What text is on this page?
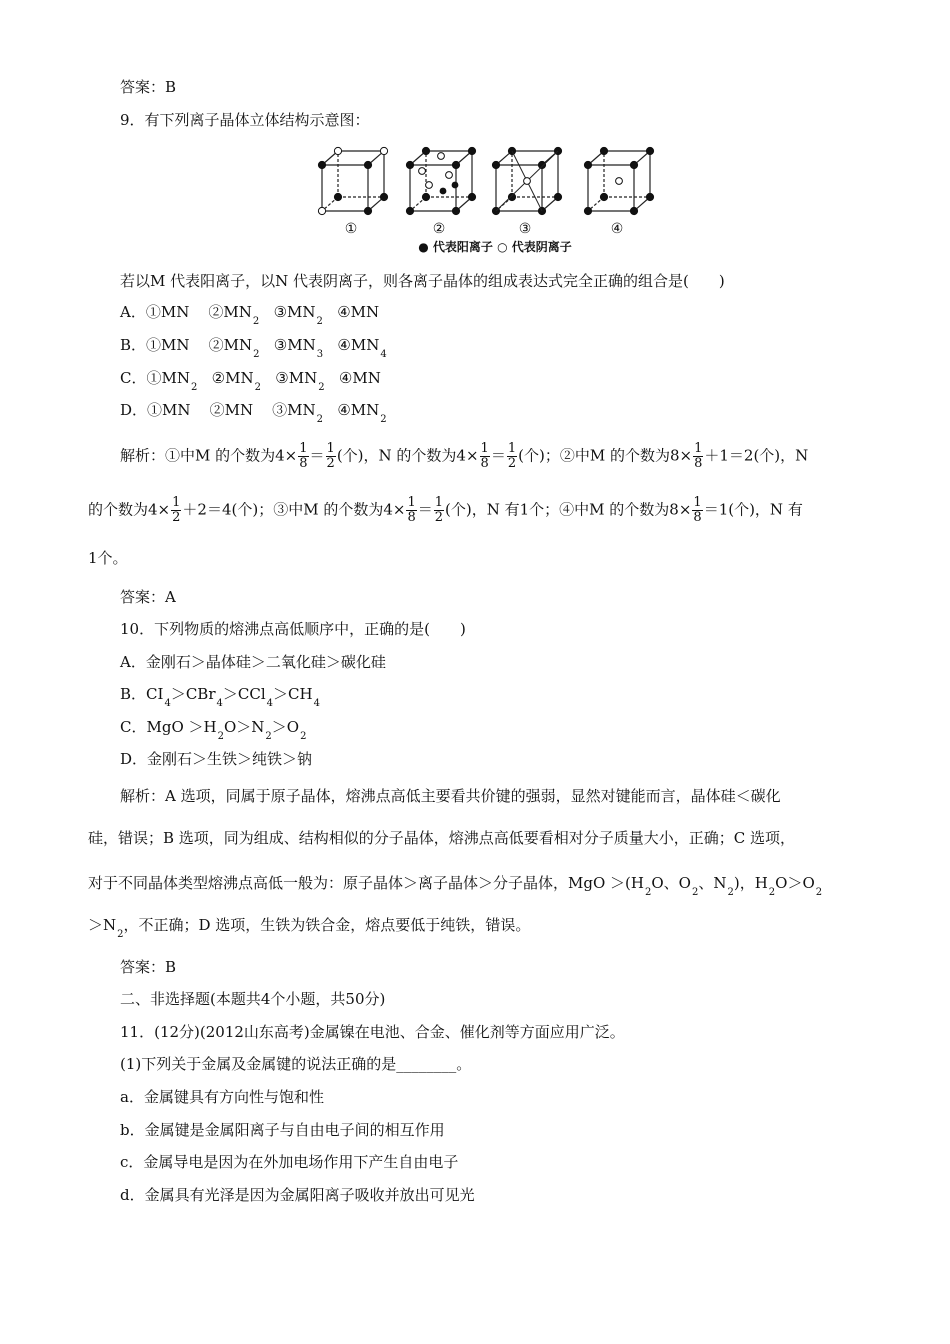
答案：B
9．有下列离子晶体立体结构示意图：
①	②	③	④
● 代表阳离子 ○ 代表阴离子
若以M 代表阳离子，以N 代表阴离子，则各离子晶体的组成表达式完全正确的组合是(　　)
A．①MN $②MN_2$   $③MN_2$   ④MN
B．①MN $②MN_2$   $③MN_3$   $④MN_4$
C．$①MN_2$   $②MN_2$   $③MN_2$   ④MN
D．①MN ②MN $③MN_2$   $④MN_2$
解析：①中M 的个数为$4\times \frac{1}{8} = \frac{1}{2}$ (个)，N 的个数为$4\times \frac{1}{8} = \frac{1}{2}$ (个)；②中M 的个数为$8\times \frac{1}{8} +1=2$(个)，N
的个数为$4\times \frac{1}{2} +2=4$(个)；③中M 的个数为$4\times \frac{1}{8} = \frac{1}{2}$ (个)，N 有1个；④中M 的个数为$8\times \frac{1}{8} =1$(个)，N 有
1个。
答案：A
10．下列物质的熔沸点高低顺序中，正确的是(　　)
A．金刚石＞晶体硅＞二氧化硅＞碳化硅
B．$CI_4>CBr_4>CCl_4>CH_4$
C．MgO $>H_2O>N_2>O_2$
D．金刚石＞生铁＞纯铁＞钠
解析：A 选项，同属于原子晶体，熔沸点高低主要看共价键的强弱，显然对键能而言，晶体硅＜碳化
硅，错误；B 选项，同为组成、结构相似的分子晶体，熔沸点高低要看相对分子质量大小，正确；C 选项，
对于不同晶体类型熔沸点高低一般为：原子晶体＞离子晶体＞分子晶体，MgO $>(H_2O$、$O_2$、$N_2$)，$H_2O>O_2$
$>N_2$，不正确；D 选项，生铁为铁合金，熔点要低于纯铁，错误。
答案：B
二、非选择题(本题共4个小题，共50分)
11．(12分)(2012山东高考)金属镍在电池、合金、催化剂等方面应用广泛。
(1)下列关于金属及金属键的说法正确的是________。
a．金属键具有方向性与饱和性
b．金属键是金属阳离子与自由电子间的相互作用
c．金属导电是因为在外加电场作用下产生自由电子
d．金属具有光泽是因为金属阳离子吸收并放出可见光
